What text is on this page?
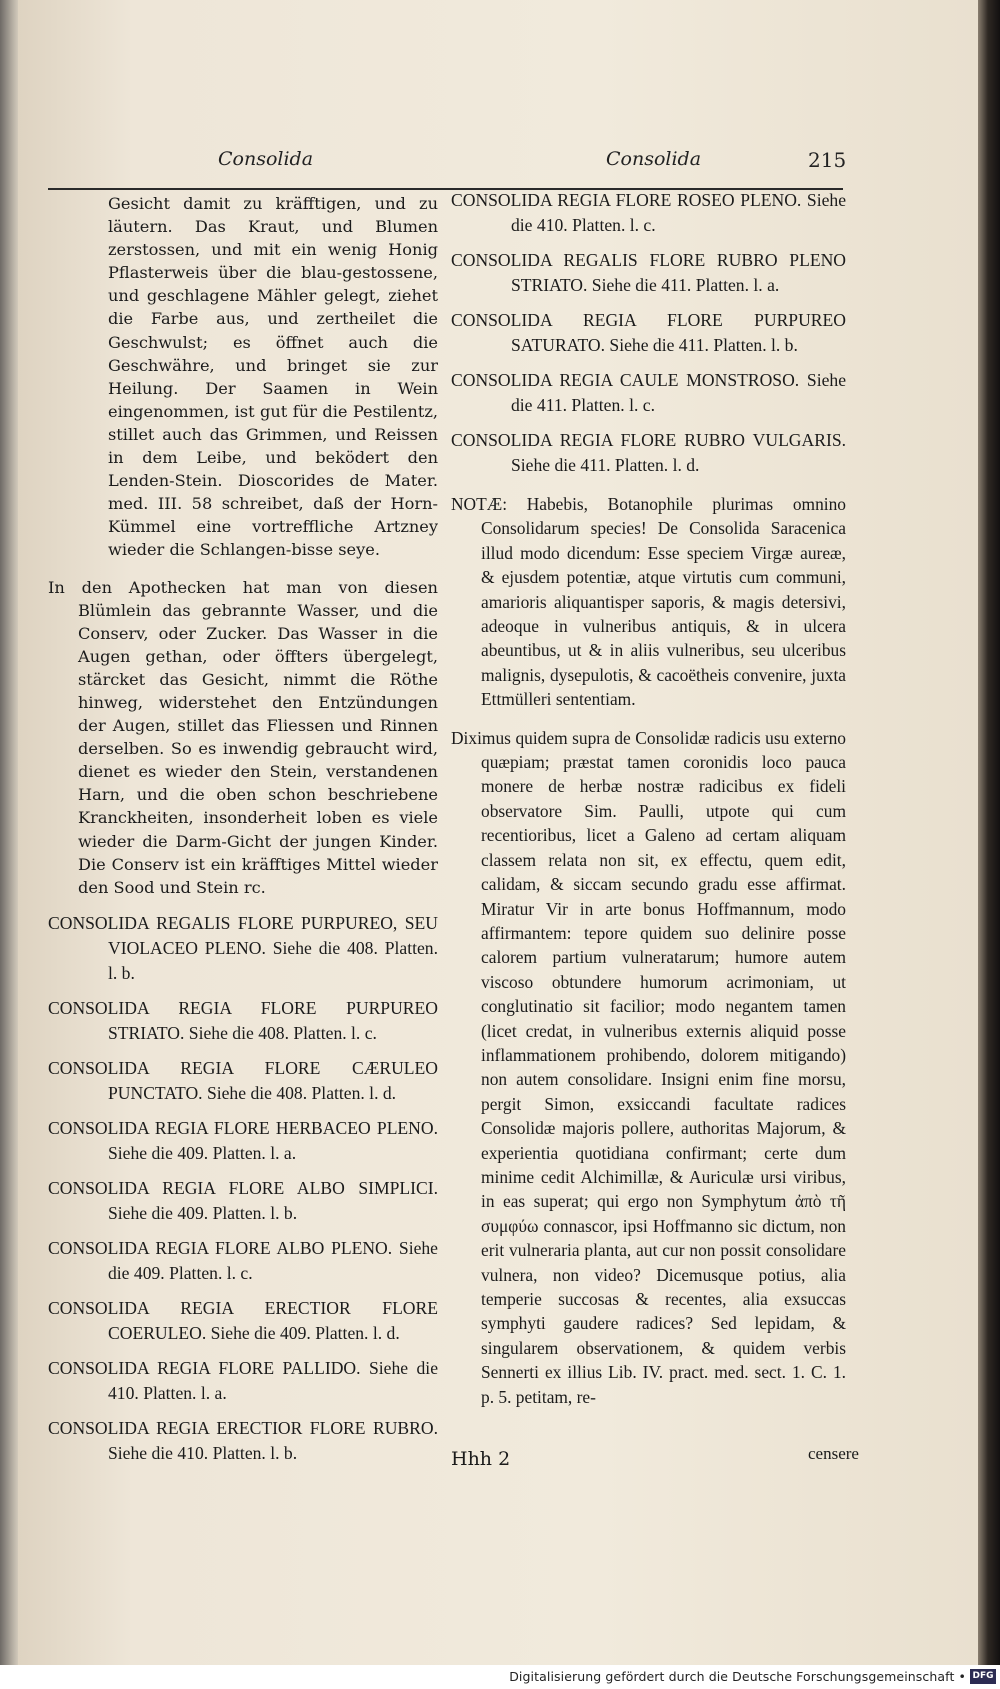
Consolida	Consolida	215

Gesicht damit zu kräfftigen, und zu läutern. Das Kraut, und Blumen zerstossen, und mit ein wenig Honig Pflasterweis über die blau-gestossene, und geschlagene Mähler gelegt, ziehet die Farbe aus, und zertheilet die Geschwulst; es öffnet auch die Geschwähre, und bringet sie zur Heilung. Der Saamen in Wein eingenommen, ist gut für die Pestilentz, stillet auch das Grimmen, und Reissen in dem Leibe, und beködert den Lenden-Stein. Dioscorides de Mater. med. III. 58 schreibet, daß der Horn-Kümmel eine vortreffliche Artzney wieder die Schlangen-bisse seye.

In den Apothecken hat man von diesen Blümlein das gebrannte Wasser, und die Conserv, oder Zucker. Das Wasser in die Augen gethan, oder öffters übergelegt, stärcket das Gesicht, nimmt die Röthe hinweg, widerstehet den Entzündungen der Augen, stillet das Fliessen und Rinnen derselben. So es inwendig gebraucht wird, dienet es wieder den Stein, verstandenen Harn, und die oben schon beschriebene Kranckheiten, insonderheit loben es viele wieder die Darm-Gicht der jungen Kinder. Die Conserv ist ein kräfftiges Mittel wieder den Sood und Stein rc.

CONSOLIDA REGALIS FLORE PURPUREO, SEU VIOLACEO PLENO. Siehe die 408. Platten. l. b.

CONSOLIDA REGIA FLORE PURPUREO STRIATO. Siehe die 408. Platten. l. c.

CONSOLIDA REGIA FLORE CÆRULEO PUNCTATO. Siehe die 408. Platten. l. d.

CONSOLIDA REGIA FLORE HERBACEO PLENO. Siehe die 409. Platten. l. a.

CONSOLIDA REGIA FLORE ALBO SIMPLICI. Siehe die 409. Platten. l. b.

CONSOLIDA REGIA FLORE ALBO PLENO. Siehe die 409. Platten. l. c.

CONSOLIDA REGIA ERECTIOR FLORE COERULEO. Siehe die 409. Platten. l. d.

CONSOLIDA REGIA FLORE PALLIDO. Siehe die 410. Platten. l. a.

CONSOLIDA REGIA ERECTIOR FLORE RUBRO. Siehe die 410. Platten. l. b.

CONSOLIDA REGIA FLORE ROSEO PLENO. Siehe die 410. Platten. l. c.

CONSOLIDA REGALIS FLORE RUBRO PLENO STRIATO. Siehe die 411. Platten. l. a.

CONSOLIDA REGIA FLORE PURPUREO SATURATO. Siehe die 411. Platten. l. b.

CONSOLIDA REGIA CAULE MONSTROSO. Siehe die 411. Platten. l. c.

CONSOLIDA REGIA FLORE RUBRO VULGARIS. Siehe die 411. Platten. l. d.

NOTÆ: Habebis, Botanophile plurimas omnino Consolidarum species! De Consolida Saracenica illud modo dicendum: Esse speciem Virgæ aureæ, & ejusdem potentiæ, atque virtutis cum communi, amarioris aliquantisper saporis, & magis detersivi, adeoque in vulneribus antiquis, & in ulcera abeuntibus, ut & in aliis vulneribus, seu ulceribus malignis, dysepulotis, & cacoëtheis convenire, juxta Ettmülleri sententiam.

Diximus quidem supra de Consolidæ radicis usu externo quæpiam; præstat tamen coronidis loco pauca monere de herbæ nostræ radicibus ex fideli observatore Sim. Paulli, utpote qui cum recentioribus, licet a Galeno ad certam aliquam classem relata non sit, ex effectu, quem edit, calidam, & siccam secundo gradu esse affirmat. Miratur Vir in arte bonus Hoffmannum, modo affirmantem: tepore quidem suo delinire posse calorem partium vulneratarum; humore autem viscoso obtundere humorum acrimoniam, ut conglutinatio sit facilior; modo negantem tamen (licet credat, in vulneribus externis aliquid posse inflammationem prohibendo, dolorem mitigando) non autem consolidare. Insigni enim fine morsu, pergit Simon, exsiccandi facultate radices Consolidæ majoris pollere, authoritas Majorum, & experientia quotidiana confirmant; certe dum minime cedit Alchimillæ, & Auriculæ ursi viribus, in eas superat; qui ergo non Symphytum ἀπὸ τῆ συμφύω connascor, ipsi Hoffmanno sic dictum, non erit vulneraria planta, aut cur non possit consolidare vulnera, non video? Dicemusque potius, alia temperie succosas & recentes, alia exsuccas symphyti gaudere radices? Sed lepidam, & singularem observationem, & quidem verbis Sennerti ex illius Lib. IV. pract. med. sect. 1. C. 1. p. 5. petitam, re-

Hhh 2	censere
Digitalisierung gefördert durch die Deutsche Forschungsgemeinschaft • DFG
